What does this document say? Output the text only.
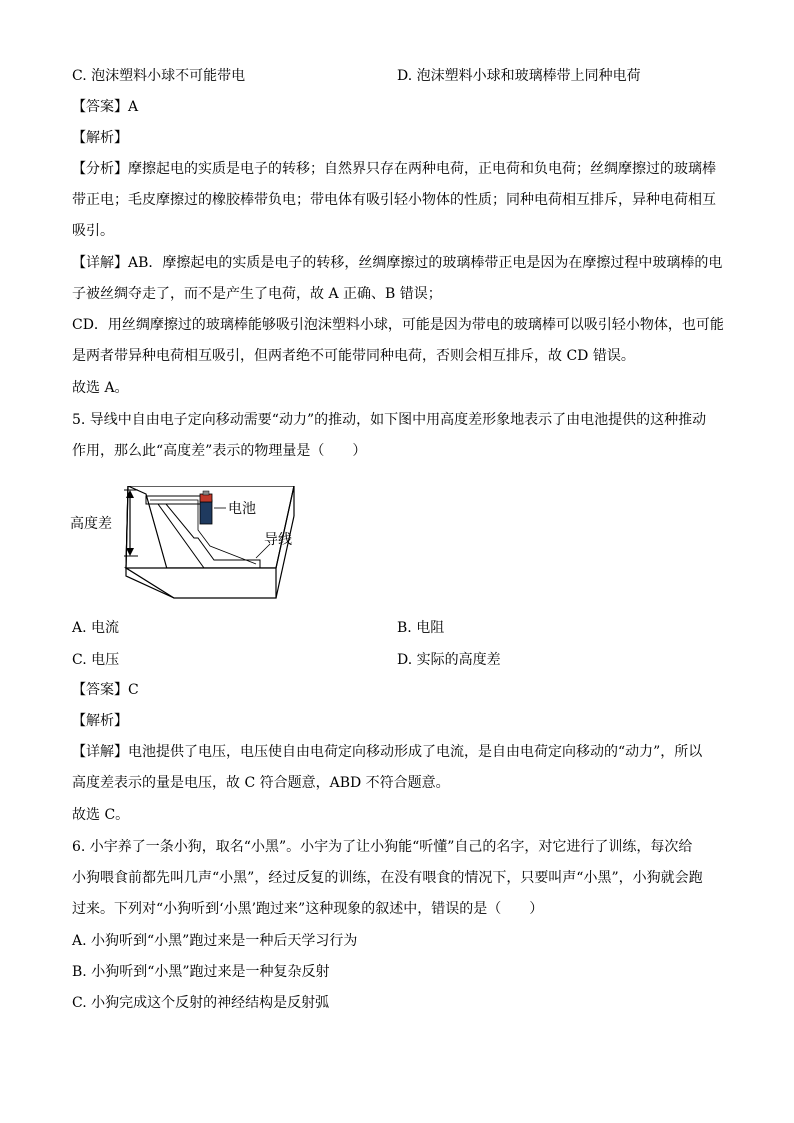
C. 泡沫塑料小球不可能带电	D. 泡沫塑料小球和玻璃棒带上同种电荷
【答案】A
【解析】
【分析】摩擦起电的实质是电子的转移；自然界只存在两种电荷，正电荷和负电荷；丝绸摩擦过的玻璃棒
带正电；毛皮摩擦过的橡胶棒带负电；带电体有吸引轻小物体的性质；同种电荷相互排斥，异种电荷相互
吸引。
【详解】AB．摩擦起电的实质是电子的转移，丝绸摩擦过的玻璃棒带正电是因为在摩擦过程中玻璃棒的电
子被丝绸夺走了，而不是产生了电荷，故 A 正确、B 错误；
CD．用丝绸摩擦过的玻璃棒能够吸引泡沫塑料小球，可能是因为带电的玻璃棒可以吸引轻小物体，也可能
是两者带异种电荷相互吸引，但两者绝不可能带同种电荷，否则会相互排斥，故 CD 错误。
故选 A。
5. 导线中自由电子定向移动需要“动力”的推动，如下图中用高度差形象地表示了由电池提供的这种推动
作用，那么此“高度差”表示的物理量是（　　）
高度差
电池
导线
A. 电流	B. 电阻
C. 电压	D. 实际的高度差
【答案】C
【解析】
【详解】电池提供了电压，电压使自由电荷定向移动形成了电流，是自由电荷定向移动的“动力”，所以
高度差表示的量是电压，故 C 符合题意，ABD 不符合题意。
故选 C。
6. 小宇养了一条小狗，取名“小黑”。小宇为了让小狗能“听懂”自己的名字，对它进行了训练，每次给
小狗喂食前都先叫几声“小黑”，经过反复的训练，在没有喂食的情况下，只要叫声“小黑”，小狗就会跑
过来。下列对“小狗听到‘小黑’跑过来”这种现象的叙述中，错误的是（　　）
A. 小狗听到“小黑”跑过来是一种后天学习行为
B. 小狗听到“小黑”跑过来是一种复杂反射
C. 小狗完成这个反射的神经结构是反射弧
